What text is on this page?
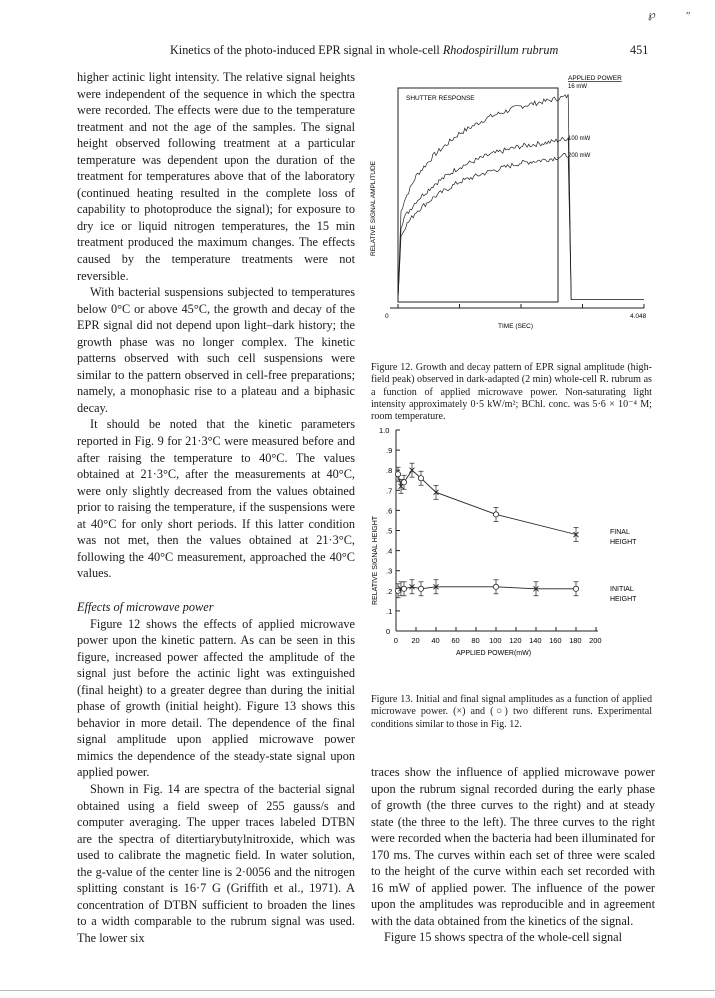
Kinetics of the photo-induced EPR signal in whole-cell Rhodospirillum rubrum	451
℘	″

higher actinic light intensity. The relative signal heights were independent of the sequence in which the spectra were recorded. The effects were due to the temperature treatment and not the age of the samples. The signal height observed following treatment at a particular temperature was dependent upon the duration of the treatment for temperatures above that of the laboratory (continued heating resulted in the complete loss of capability to photoproduce the signal); for exposure to dry ice or liquid nitrogen temperatures, the 15 min treatment produced the maximum changes. The effects caused by the temperature treatments were not reversible.

With bacterial suspensions subjected to temperatures below 0°C or above 45°C, the growth and decay of the EPR signal did not depend upon light–dark history; the growth phase was no longer complex. The kinetic patterns observed with such cell suspensions were similar to the pattern observed in cell-free preparations; namely, a monophasic rise to a plateau and a biphasic decay.

It should be noted that the kinetic parameters reported in Fig. 9 for 21·3°C were measured before and after raising the temperature to 40°C. The values obtained at 21·3°C, after the measurements at 40°C, were only slightly decreased from the values obtained prior to raising the temperature, if the suspensions were at 40°C for only short periods. If this latter condition was not met, then the values obtained at 21·3°C, following the 40°C measurement, approached the 40°C values.

Effects of microwave power

Figure 12 shows the effects of applied microwave power upon the kinetic pattern. As can be seen in this figure, increased power affected the amplitude of the signal just before the actinic light was extinguished (final height) to a greater degree than during the initial phase of growth (initial height). Figure 13 shows this behavior in more detail. The dependence of the final signal amplitude upon applied microwave power mimics the dependence of the steady-state signal upon applied power.

Shown in Fig. 14 are spectra of the bacterial signal obtained using a field sweep of 255 gauss/s and computer averaging. The upper traces labeled DTBN are the spectra of ditertiarybutylnitroxide, which was used to calibrate the magnetic field. In water solution, the g-value of the center line is 2·0056 and the nitrogen splitting constant is 16·7 G (Griffith et al., 1971). A concentration of DTBN sufficient to broaden the lines to a width comparable to the rubrum signal was used. The lower six

traces show the influence of applied microwave power upon the rubrum signal recorded during the early phase of growth (the three curves to the right) and at steady state (the three to the left). The three curves to the right were recorded when the bacteria had been illuminated for 170 ms. The curves within each set of three were scaled to the height of the curve within each set recorded with 16 mW of applied power. The influence of the power upon the amplitudes was reproducible and in agreement with the data obtained from the kinetics of the signal.

Figure 15 shows spectra of the whole-cell signal

SHUTTER RESPONSE
APPLIED POWER
16 mW
100 mW
200 mW
0	4.048
TIME (SEC)
RELATIVE SIGNAL AMPLITUDE
Figure 12. Growth and decay pattern of EPR signal amplitude (high-field peak) observed in dark-adapted (2 min) whole-cell R. rubrum as a function of applied microwave power. Non-saturating light intensity approximately 0·5 kW/m²; BChl. conc. was 5·6 × 10⁻⁴ M; room temperature.
0
.1
.2
.3
.4
.5
.6
.7
.8
.9
1.0
0 20 40 60 80 100 120 140 160 180 200
RELATIVE SIGNAL HEIGHT
APPLIED POWER(mW)
FINAL
HEIGHT
INITIAL
HEIGHT
Figure 13. Initial and final signal amplitudes as a function of applied microwave power. (×) and (○) two different runs. Experimental conditions similar to those in Fig. 12.
